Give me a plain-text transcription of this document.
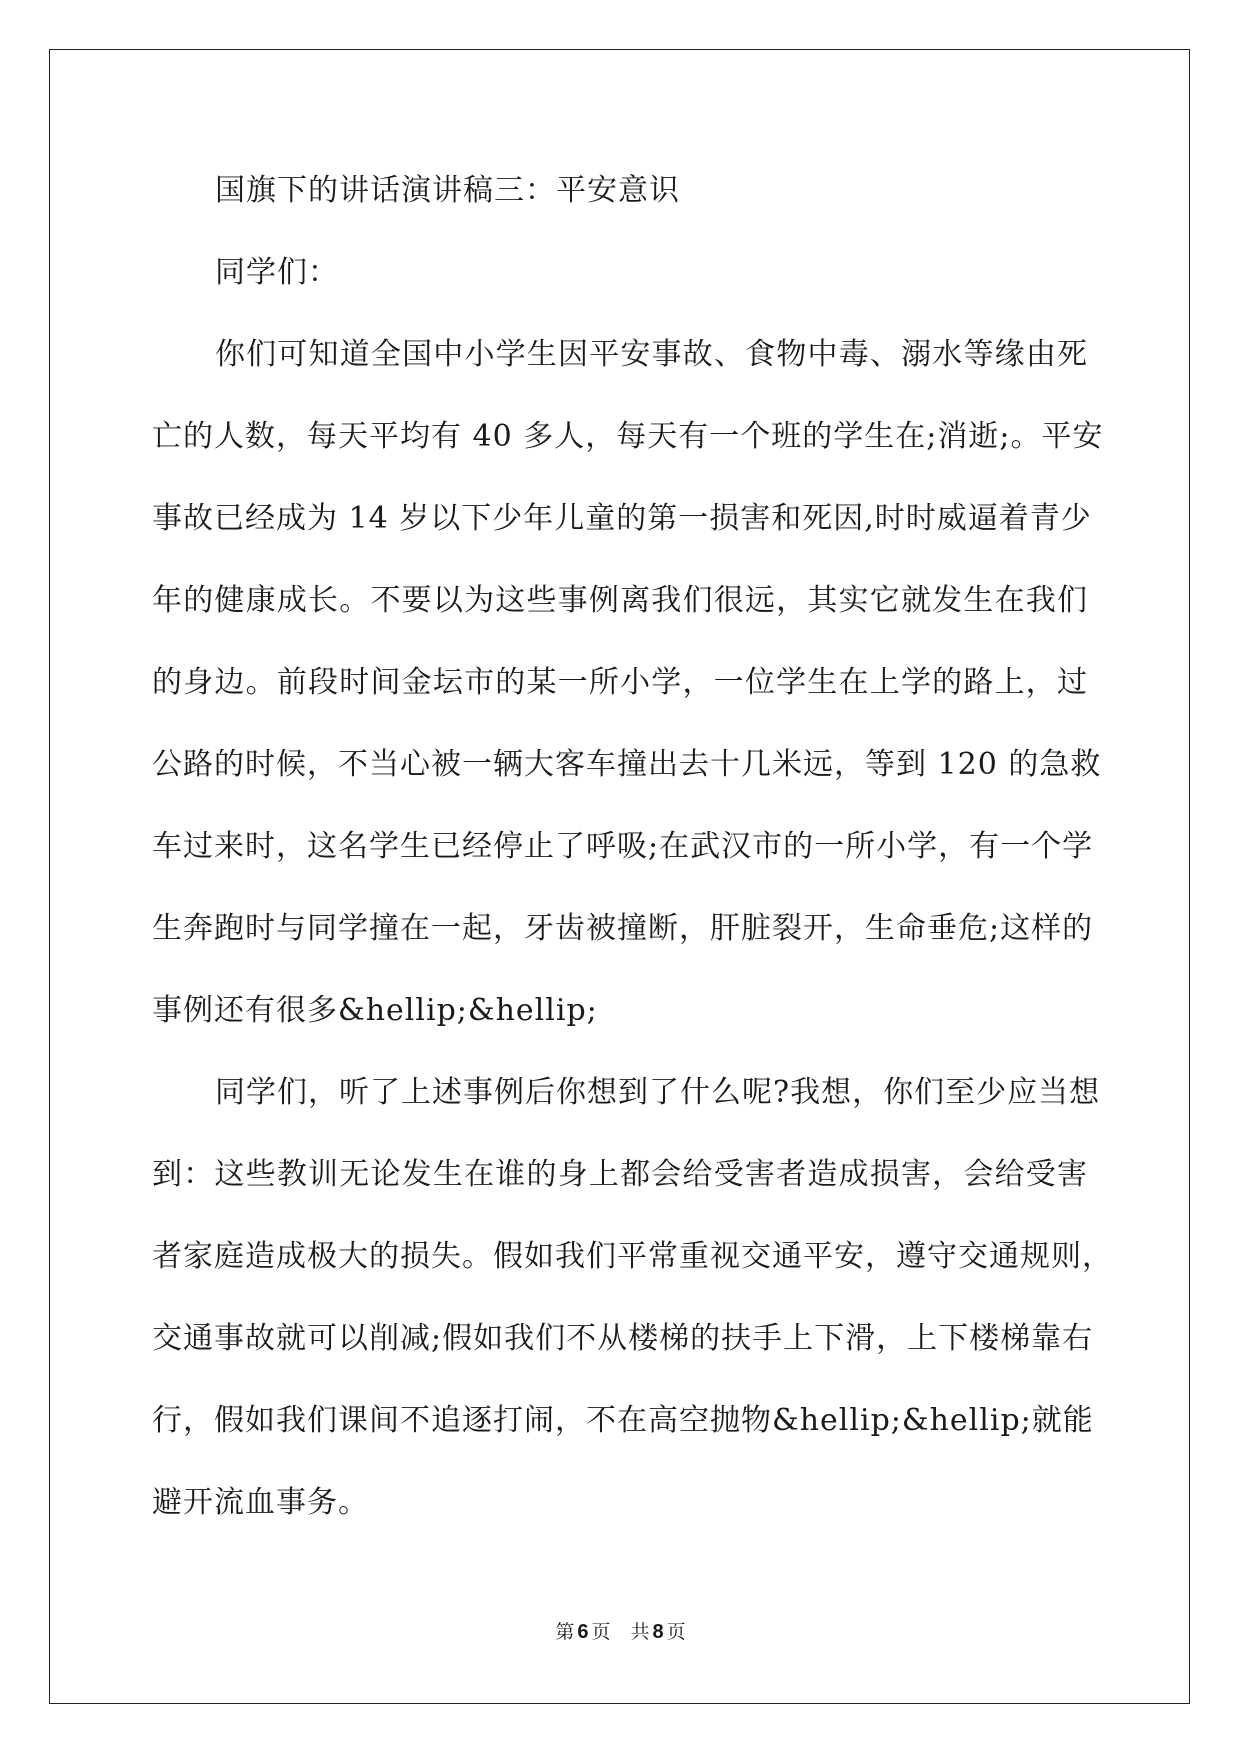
国旗下的讲话演讲稿三：平安意识
同学们：
你们可知道全国中小学生因平安事故、食物中毒、溺水等缘由死
亡的人数，每天平均有 40 多人，每天有一个班的学生在;消逝;。平安
事故已经成为 14 岁以下少年儿童的第一损害和死因,时时威逼着青少
年的健康成长。不要以为这些事例离我们很远，其实它就发生在我们
的身边。前段时间金坛市的某一所小学，一位学生在上学的路上，过
公路的时候，不当心被一辆大客车撞出去十几米远，等到 120 的急救
车过来时，这名学生已经停止了呼吸;在武汉市的一所小学，有一个学
生奔跑时与同学撞在一起，牙齿被撞断，肝脏裂开，生命垂危;这样的
事例还有很多&hellip;&hellip;
同学们，听了上述事例后你想到了什么呢?我想，你们至少应当想
到：这些教训无论发生在谁的身上都会给受害者造成损害，会给受害
者家庭造成极大的损失。假如我们平常重视交通平安，遵守交通规则，
交通事故就可以削减;假如我们不从楼梯的扶手上下滑，上下楼梯靠右
行，假如我们课间不追逐打闹，不在高空抛物&hellip;&hellip;就能
避开流血事务。
第 6 页 共 8 页
